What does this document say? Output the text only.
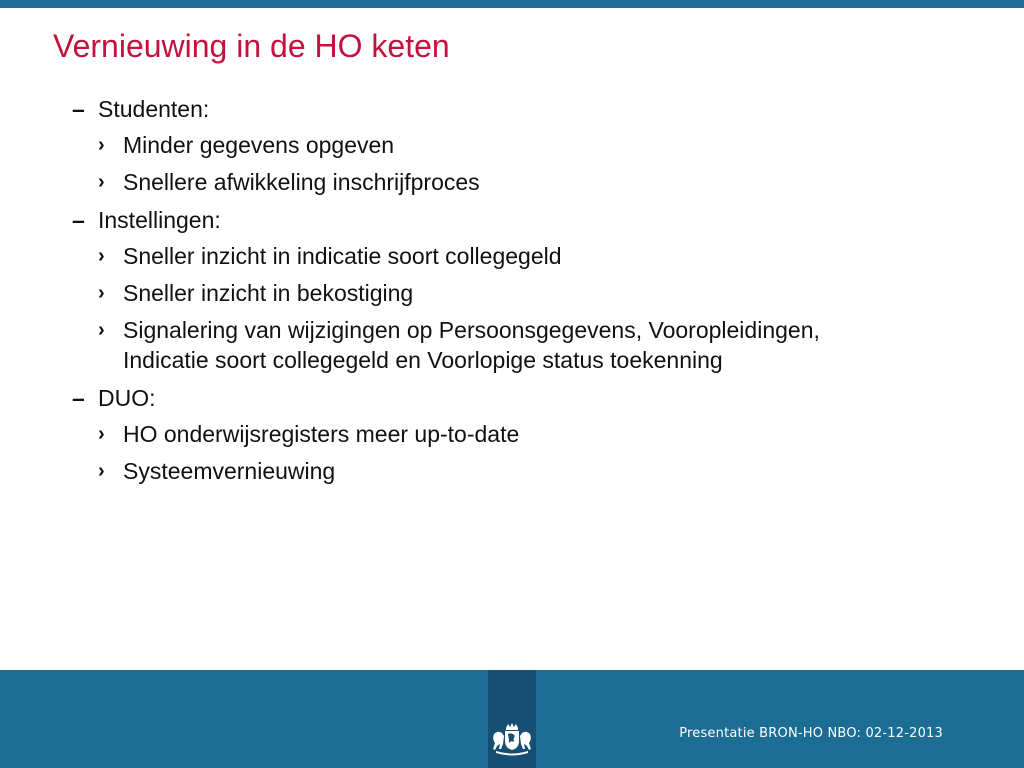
Vernieuwing in de HO keten
– Studenten:
› Minder gegevens opgeven
› Snellere afwikkeling inschrijfproces
– Instellingen:
› Sneller inzicht in indicatie soort collegegeld
› Sneller inzicht in bekostiging
› Signalering van wijzigingen op Persoonsgegevens, Vooropleidingen,
Indicatie soort collegegeld en Voorlopige status toekenning
– DUO:
› HO onderwijsregisters meer up-to-date
› Systeemvernieuwing
Presentatie BRON-HO NBO: 02-12-2013
